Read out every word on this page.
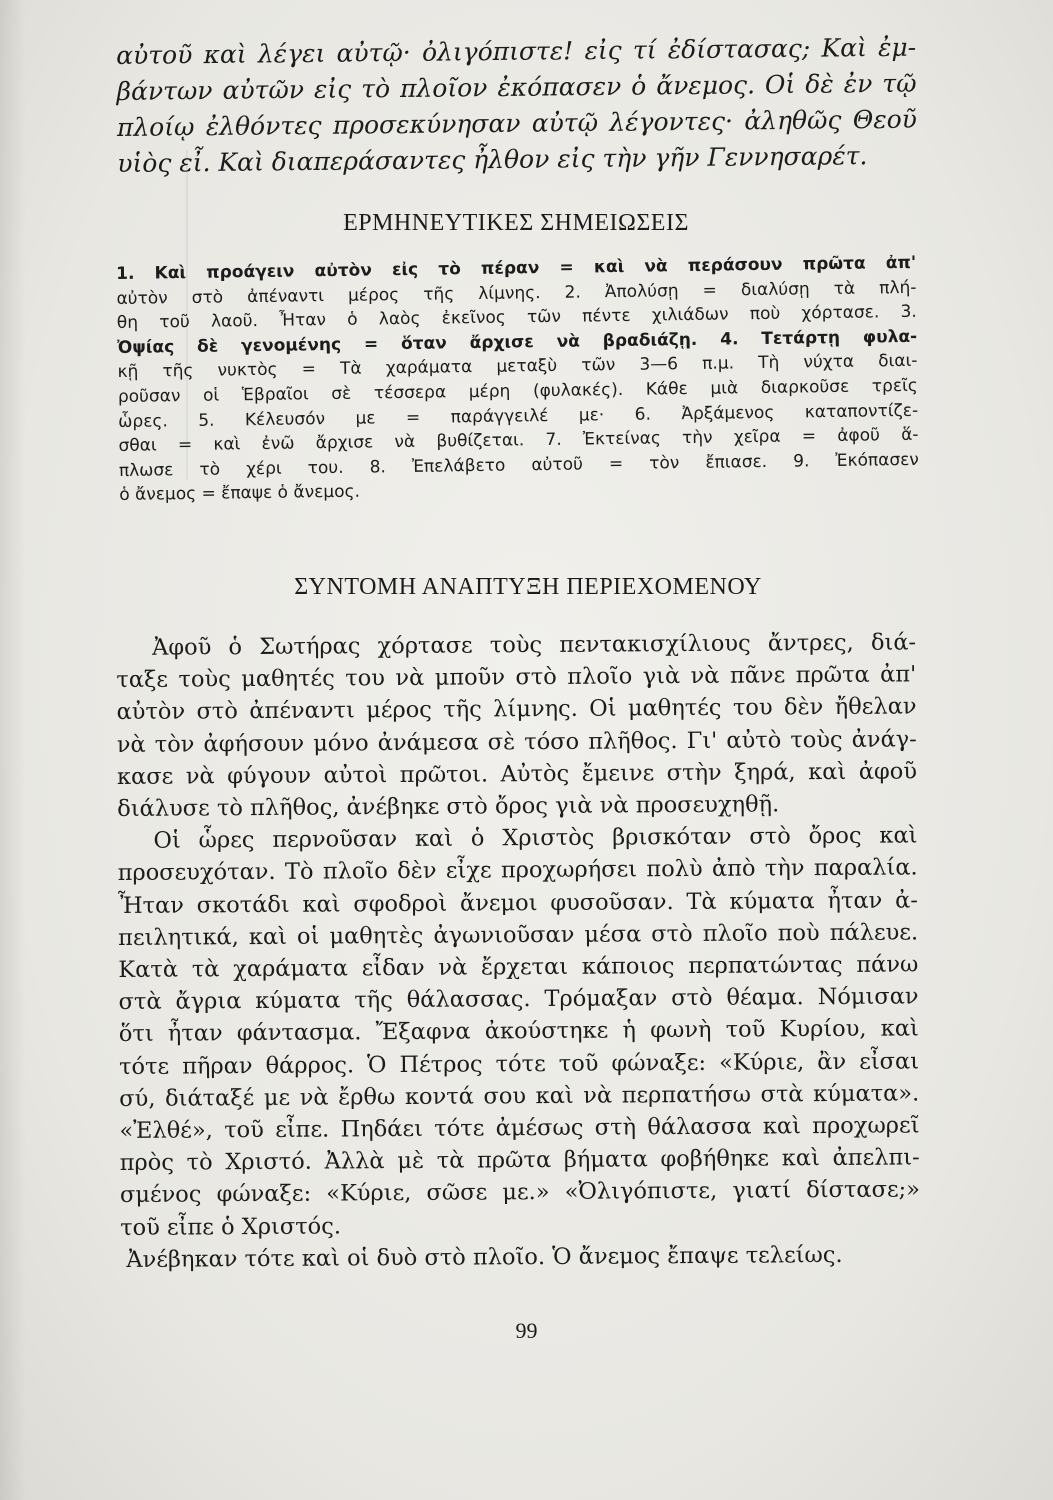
αὐτοῦ καὶ λέγει αὐτῷ· ὀλιγόπιστε! εἰς τί ἐδίστασας; Καὶ ἐμ-

βάντων αὐτῶν εἰς τὸ πλοῖον ἐκόπασεν ὁ ἄνεμος. Οἱ δὲ ἐν τῷ

πλοίῳ ἐλθόντες προσεκύνησαν αὐτῷ λέγοντες· ἀληθῶς Θεοῦ

υἱὸς εἶ. Καὶ διαπεράσαντες ἦλθον εἰς τὴν γῆν Γεννησαρέτ.

ΕΡΜΗΝΕΥΤΙΚΕΣ ΣΗΜΕΙΩΣΕΙΣ

1. Καὶ προάγειν αὐτὸν εἰς τὸ πέραν = καὶ νὰ περάσουν πρῶτα ἀπ'

αὐτὸν στὸ ἀπέναντι μέρος τῆς λίμνης. 2. Ἀπολύσῃ = διαλύσῃ τὰ πλή-

θη τοῦ λαοῦ. Ἦταν ὁ λαὸς ἐκεῖνος τῶν πέντε χιλιάδων ποὺ χόρτασε. 3.

Ὀψίας δὲ γενομένης = ὅταν ἄρχισε νὰ βραδιάζῃ. 4. Τετάρτῃ φυλα-

κῇ τῆς νυκτὸς = Τὰ χαράματα μεταξὺ τῶν 3—6 π.μ. Τὴ νύχτα διαι-

ροῦσαν οἱ Ἑβραῖοι σὲ τέσσερα μέρη (φυλακές). Κάθε μιὰ διαρκοῦσε τρεῖς

ὧρες. 5. Κέλευσόν με = παράγγειλέ με· 6. Ἀρξάμενος καταποντίζε-

σθαι = καὶ ἐνῶ ἄρχισε νὰ βυθίζεται. 7. Ἐκτείνας τὴν χεῖρα = ἀφοῦ ἅ-

πλωσε τὸ χέρι του. 8. Ἐπελάβετο αὐτοῦ = τὸν ἔπιασε. 9. Ἐκόπασεν

ὁ ἄνεμος = ἔπαψε ὁ ἄνεμος.

ΣΥΝΤΟΜΗ ΑΝΑΠΤΥΞΗ ΠΕΡΙΕΧΟΜΕΝΟΥ

Ἀφοῦ ὁ Σωτήρας χόρτασε τοὺς πεντακισχίλιους ἄντρες, διά-

ταξε τοὺς μαθητές του νὰ μποῦν στὸ πλοῖο γιὰ νὰ πᾶνε πρῶτα ἀπ'

αὐτὸν στὸ ἀπέναντι μέρος τῆς λίμνης. Οἱ μαθητές του δὲν ἤθελαν

νὰ τὸν ἀφήσουν μόνο ἀνάμεσα σὲ τόσο πλῆθος. Γι' αὐτὸ τοὺς ἀνάγ-

κασε νὰ φύγουν αὐτοὶ πρῶτοι. Αὐτὸς ἔμεινε στὴν ξηρά, καὶ ἀφοῦ

διάλυσε τὸ πλῆθος, ἀνέβηκε στὸ ὄρος γιὰ νὰ προσευχηθῇ.

Οἱ ὧρες περνοῦσαν καὶ ὁ Χριστὸς βρισκόταν στὸ ὄρος καὶ

προσευχόταν. Τὸ πλοῖο δὲν εἶχε προχωρήσει πολὺ ἀπὸ τὴν παραλία.

Ἦταν σκοτάδι καὶ σφοδροὶ ἄνεμοι φυσοῦσαν. Τὰ κύματα ἦταν ἀ-

πειλητικά, καὶ οἱ μαθητὲς ἀγωνιοῦσαν μέσα στὸ πλοῖο ποὺ πάλευε.

Κατὰ τὰ χαράματα εἶδαν νὰ ἔρχεται κάποιος περπατώντας πάνω

στὰ ἄγρια κύματα τῆς θάλασσας. Τρόμαξαν στὸ θέαμα. Νόμισαν

ὅτι ἦταν φάντασμα. Ἔξαφνα ἀκούστηκε ἡ φωνὴ τοῦ Κυρίου, καὶ

τότε πῆραν θάρρος. Ὁ Πέτρος τότε τοῦ φώναξε: «Κύριε, ἂν εἶσαι

σύ, διάταξέ με νὰ ἔρθω κοντά σου καὶ νὰ περπατήσω στὰ κύματα».

«Ἐλθέ», τοῦ εἶπε. Πηδάει τότε ἀμέσως στὴ θάλασσα καὶ προχωρεῖ

πρὸς τὸ Χριστό. Ἀλλὰ μὲ τὰ πρῶτα βήματα φοβήθηκε καὶ ἀπελπι-

σμένος φώναξε: «Κύριε, σῶσε με.» «Ὀλιγόπιστε, γιατί δίστασε;»

τοῦ εἶπε ὁ Χριστός.

Ἀνέβηκαν τότε καὶ οἱ δυὸ στὸ πλοῖο. Ὁ ἄνεμος ἔπαψε τελείως.

99
